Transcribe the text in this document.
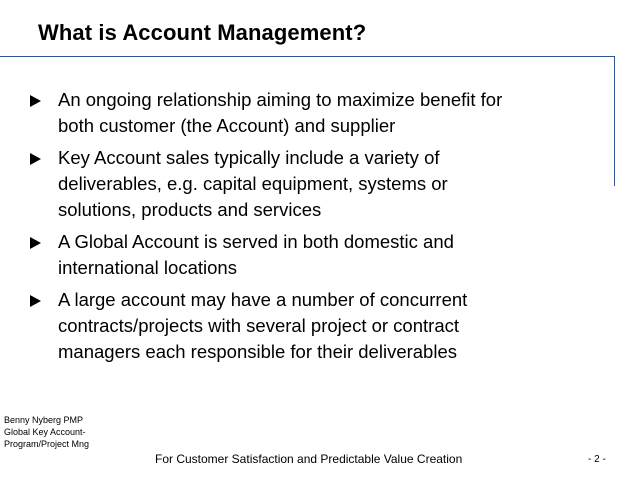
What is Account Management?
An ongoing relationship aiming to maximize benefit for
both customer (the Account) and supplier
Key Account sales typically include a variety of
deliverables, e.g. capital equipment, systems or
solutions, products and services
A Global Account is served in both domestic and
international locations
A large account may have a number of concurrent
contracts/projects with several project or contract
managers each responsible for their deliverables
Benny Nyberg PMP
Global Key Account-
Program/Project Mng
For Customer Satisfaction and Predictable Value Creation	- 2 -
